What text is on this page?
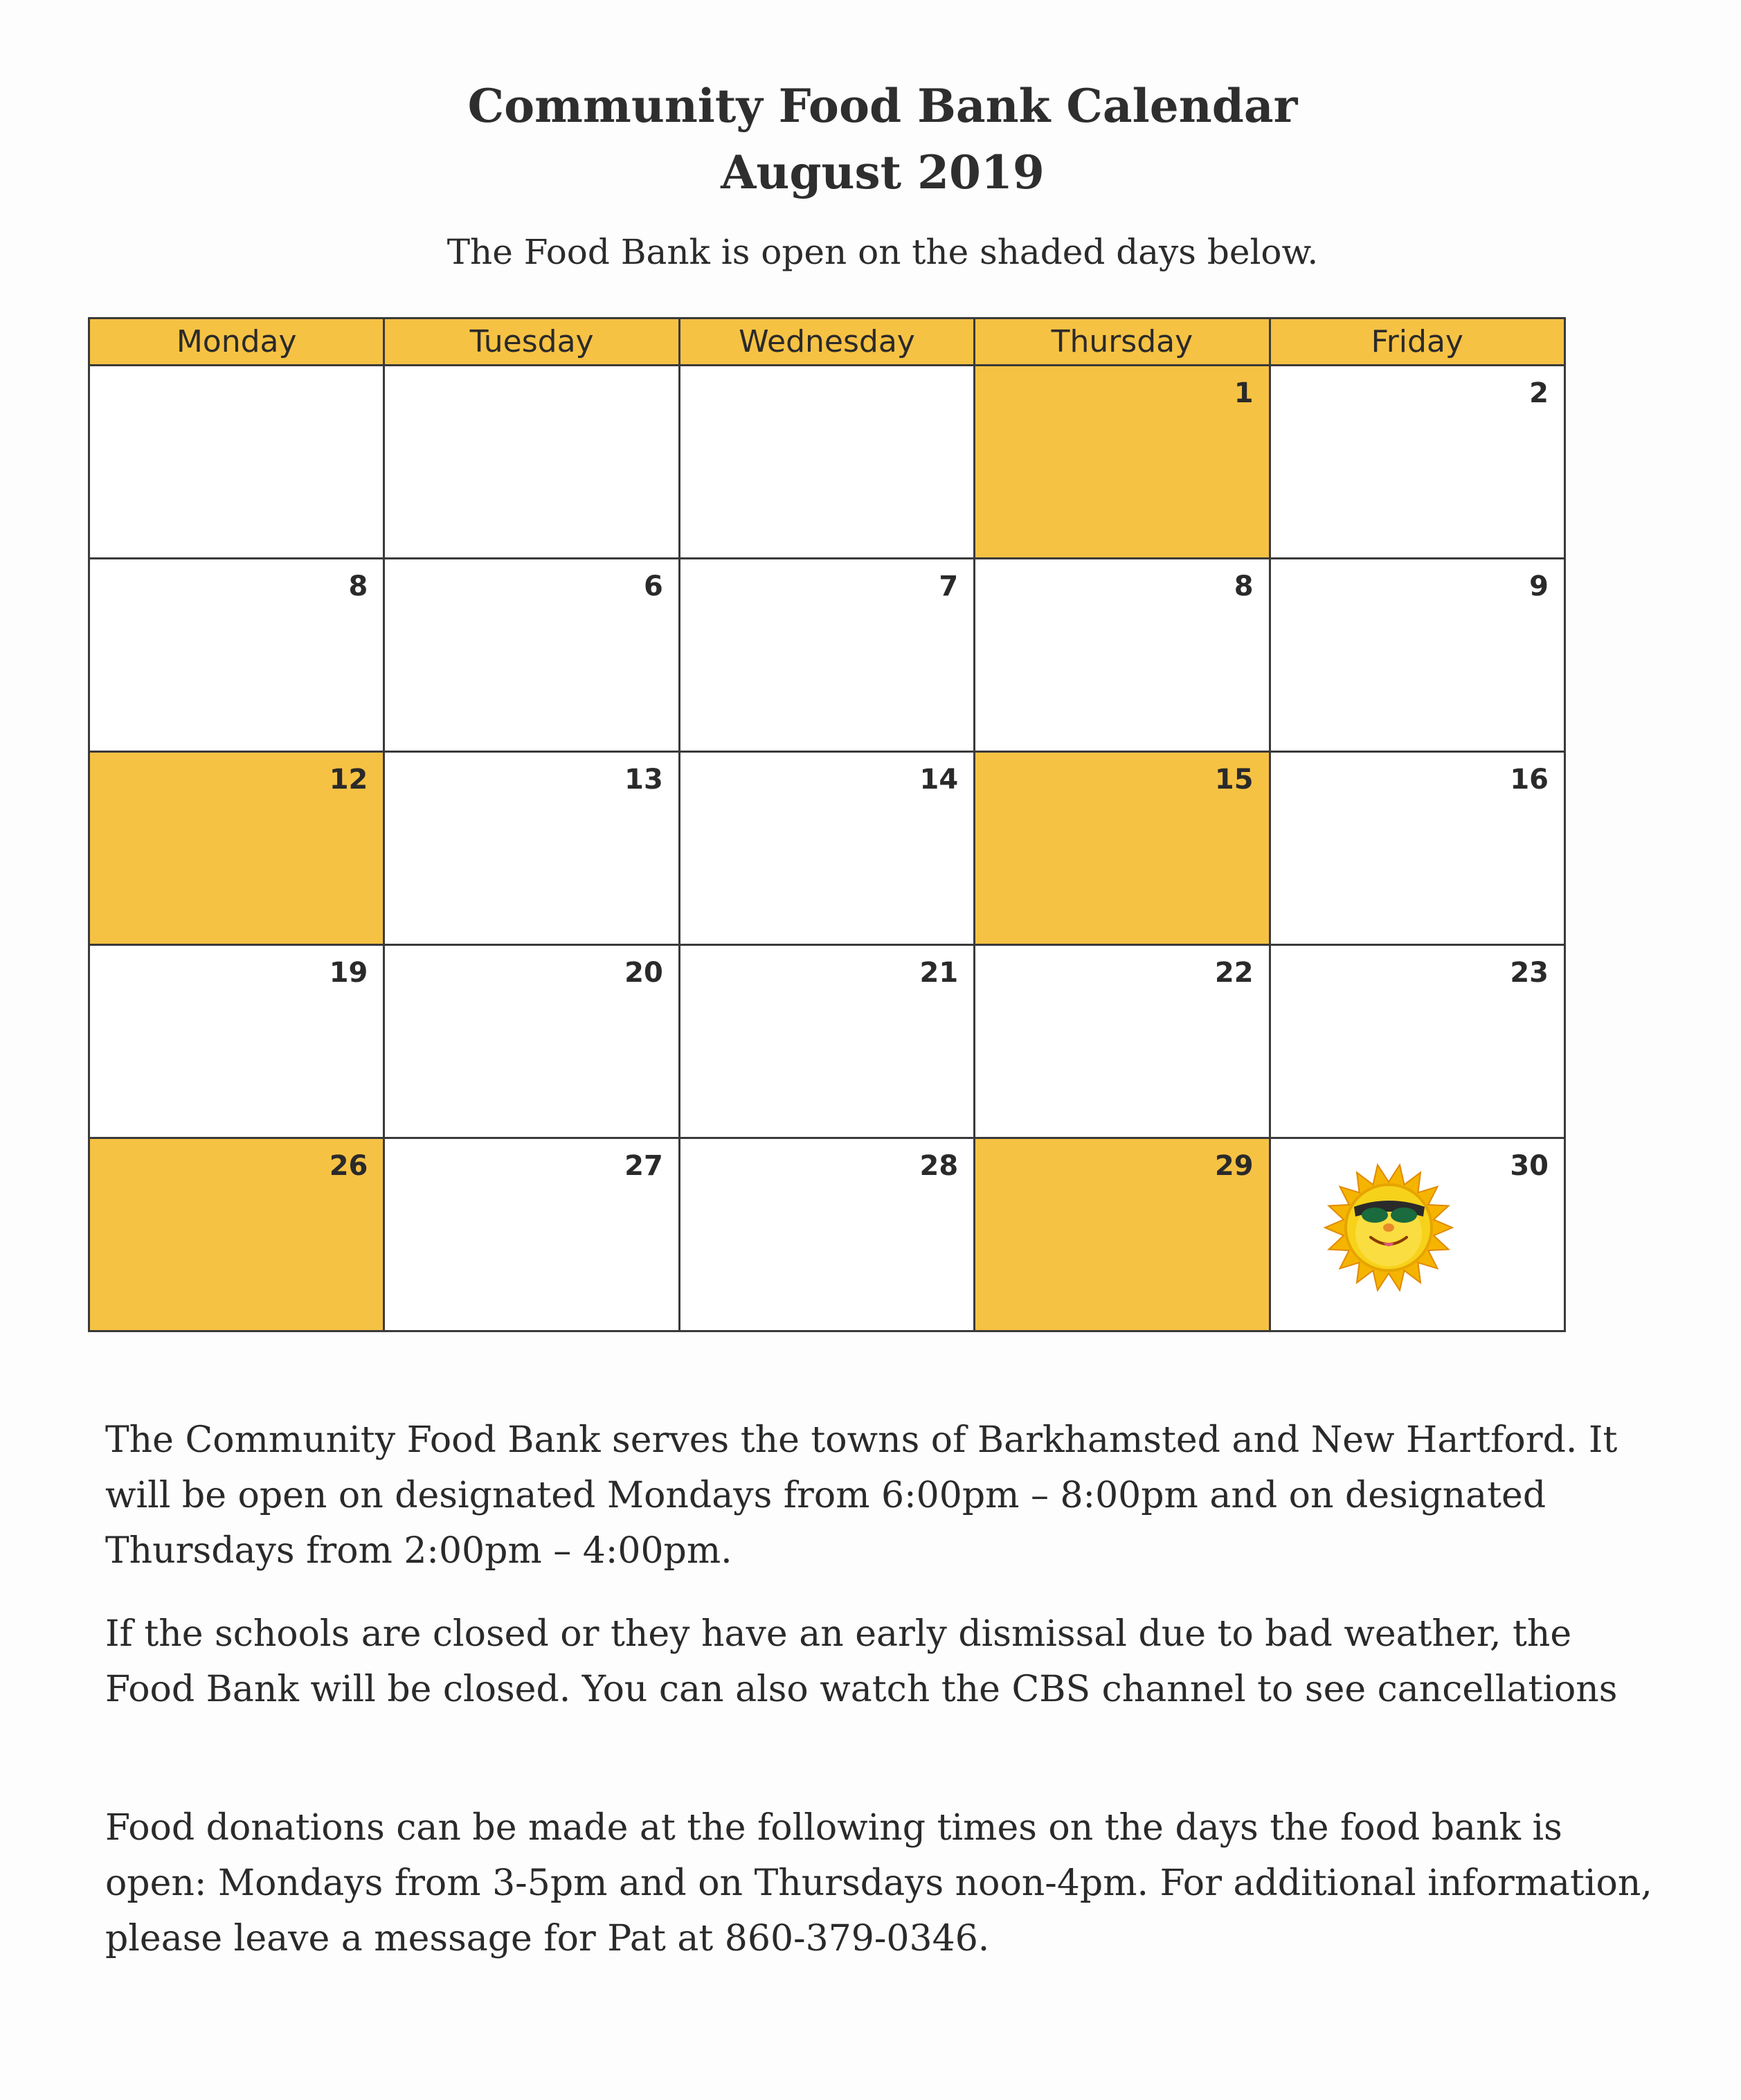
Community Food Bank Calendar
August 2019
The Food Bank is open on the shaded days below.
Monday	Tuesday	Wednesday	Thursday	Friday

			1	2

8	6	7	8	9

12	13	14	15	16

19	20	21	22	23

26	27	28	29	30
The Community Food Bank serves the towns of Barkhamsted and New Hartford. It will be open on designated Mondays from 6:00pm – 8:00pm and on designated Thursdays from 2:00pm – 4:00pm.
If the schools are closed or they have an early dismissal due to bad weather, the Food Bank will be closed. You can also watch the CBS channel to see cancellations
Food donations can be made at the following times on the days the food bank is open: Mondays from 3-5pm and on Thursdays noon-4pm. For additional information, please leave a message for Pat at 860-379-0346.
